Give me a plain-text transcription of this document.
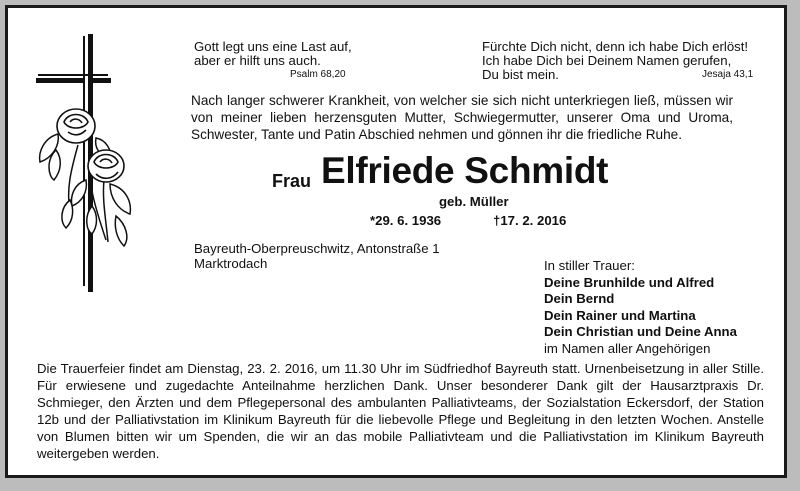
Gott legt uns eine Last auf,
aber er hilft uns auch.
Psalm 68,20
Fürchte Dich nicht, denn ich habe Dich erlöst!
Ich habe Dich bei Deinem Namen gerufen,
Du bist mein.	Jesaja 43,1
Nach langer schwerer Krankheit, von welcher sie sich nicht unterkriegen ließ, müssen wir von meiner lieben herzensguten Mutter, Schwiegermutter, unserer Oma und Uroma, Schwester, Tante und Patin Abschied nehmen und gönnen ihr die friedliche Ruhe.
Frau Elfriede Schmidt
geb. Müller
*29. 6. 1936	†17. 2. 2016
Bayreuth-Oberpreuschwitz, Antonstraße 1
Marktrodach	In stiller Trauer:
Deine Brunhilde und Alfred
Dein Bernd
Dein Rainer und Martina
Dein Christian und Deine Anna
im Namen aller Angehörigen
Die Trauerfeier findet am Dienstag, 23. 2. 2016, um 11.30 Uhr im Südfriedhof Bayreuth statt. Urnenbeisetzung in aller Stille. Für erwiesene und zugedachte Anteilnahme herzlichen Dank. Unser besonderer Dank gilt der Hausarztpraxis Dr. Schmieger, den Ärzten und dem Pflegepersonal des ambulanten Palliativteams, der Sozialstation Eckersdorf, der Station 12b und der Palliativstation im Klinikum Bayreuth für die liebevolle Pflege und Begleitung in den letzten Wochen. Anstelle von Blumen bitten wir um Spenden, die wir an das mobile Palliativteam und die Palliativstation im Klinikum Bayreuth weitergeben werden.
